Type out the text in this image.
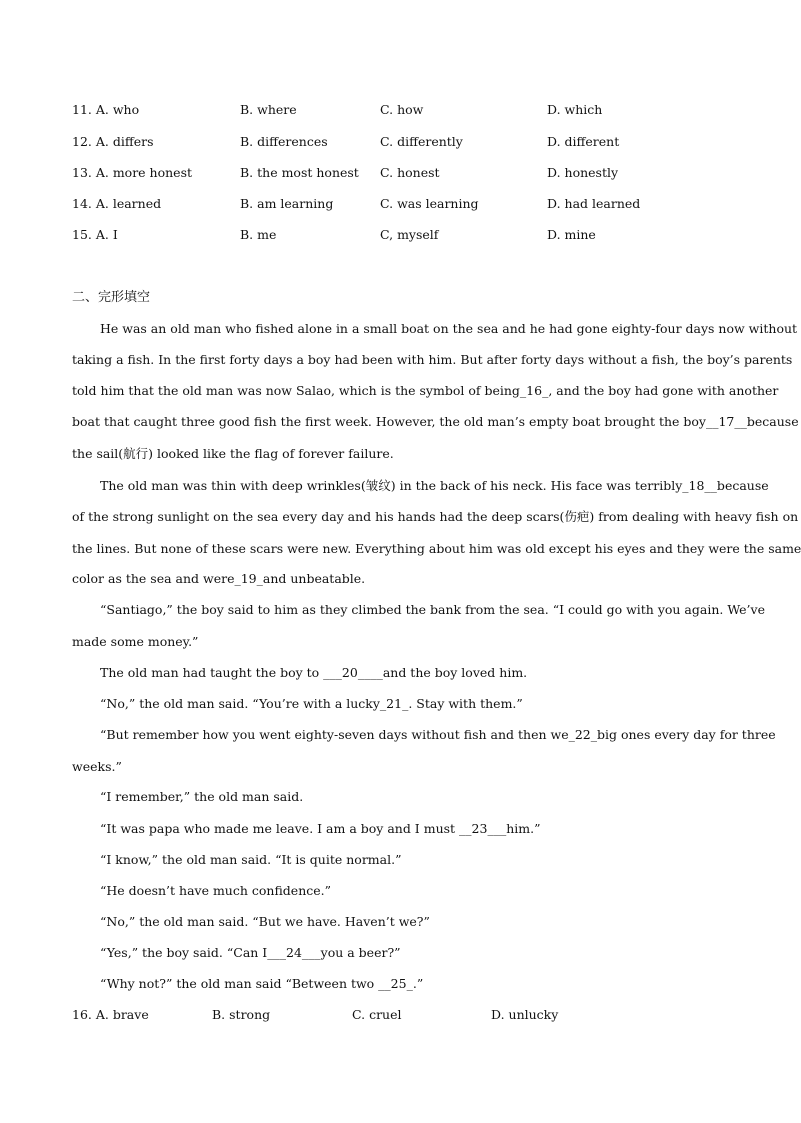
11. A. who	B. where	C. how	D. which
12. A. differs	B. differences	C. differently	D. different
13. A. more honest	B. the most honest C. honest	D. honestly
14. A. learned	B. am learning	C. was learning	D. had learned
15. A. I	B. me	C, myself	D. mine
二、完形填空
He was an old man who fished alone in a small boat on the sea and he had gone eighty-four days now without
taking a fish. In the first forty days a boy had been with him. But after forty days without a fish, the boy’s parents
told him that the old man was now Salao, which is the symbol of being_16_, and the boy had gone with another
boat that caught three good fish the first week. However, the old man’s empty boat brought the boy__17__because
the sail(航行) looked like the flag of forever failure.
The old man was thin with deep wrinkles(皱纹) in the back of his neck. His face was terribly_18__because
of the strong sunlight on the sea every day and his hands had the deep scars(伤疤) from dealing with heavy fish on
the lines. But none of these scars were new. Everything about him was old except his eyes and they were the same
color as the sea and were_19_and unbeatable.
“Santiago,” the boy said to him as they climbed the bank from the sea. “I could go with you again. We’ve
made some money.”
The old man had taught the boy to ___20____and the boy loved him.
“No,” the old man said. “You’re with a lucky_21_. Stay with them.”
“But remember how you went eighty-seven days without fish and then we_22_big ones every day for three
weeks.”
“I remember,” the old man said.
“It was papa who made me leave. I am a boy and I must __23___him.”
“I know,” the old man said. “It is quite normal.”
“He doesn’t have much confidence.”
“No,” the old man said. “But we have. Haven’t we?”
“Yes,” the boy said. “Can I___24___you a beer?”
“Why not?” the old man said “Between two __25_.”
16. A. brave	B. strong	C. cruel	D. unlucky
